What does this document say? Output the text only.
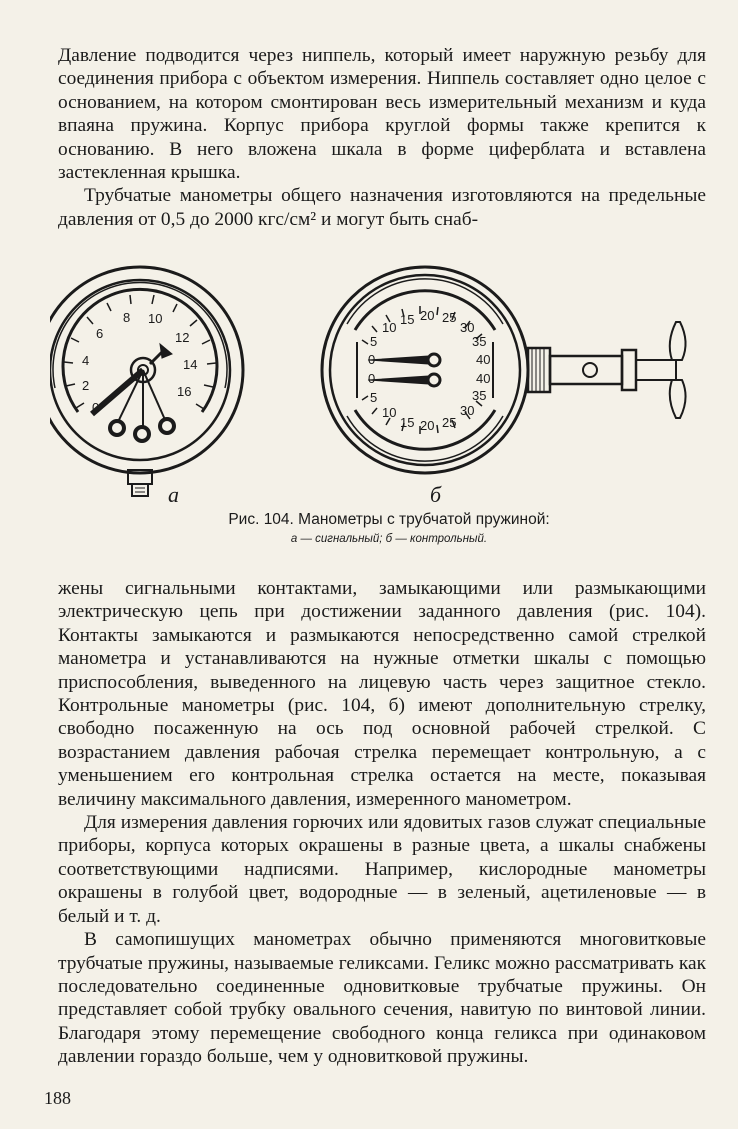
Давление подводится через ниппель, который имеет наружную резьбу для соединения прибора с объектом измерения. Ниппель составляет одно целое с основанием, на котором смонтирован весь измерительный механизм и куда впаяна пружина. Корпус прибора круглой формы также крепится к основанию. В него вложена шкала в форме циферблата и вставлена застекленная крышка.

Трубчатые манометры общего назначения изготовляются на предельные давления от 0,5 до 2000 кгс/см² и могут быть снаб-

0
2
4
6
8 10
12
14
16
5
10
15 20 25
30
35
40
0
0
5
10
15 20 25
30
35
40
а	б
Рис. 104. Манометры с трубчатой пружиной:
а — сигнальный; б — контрольный.

жены сигнальными контактами, замыкающими или размыкающими электрическую цепь при достижении заданного давления (рис. 104). Контакты замыкаются и размыкаются непосредственно самой стрелкой манометра и устанавливаются на нужные отметки шкалы с помощью приспособления, выведенного на лицевую часть через защитное стекло. Контрольные манометры (рис. 104, б) имеют дополнительную стрелку, свободно посаженную на ось под основной рабочей стрелкой. С возрастанием давления рабочая стрелка перемещает контрольную, а с уменьшением его контрольная стрелка остается на месте, показывая величину максимального давления, измеренного манометром.

Для измерения давления горючих или ядовитых газов служат специальные приборы, корпуса которых окрашены в разные цвета, а шкалы снабжены соответствующими надписями. Например, кислородные манометры окрашены в голубой цвет, водородные — в зеленый, ацетиленовые — в белый и т. д.

В самопишущих манометрах обычно применяются многовитковые трубчатые пружины, называемые геликсами. Геликс можно рассматривать как последовательно соединенные одновитковые трубчатые пружины. Он представляет собой трубку овального сечения, навитую по винтовой линии. Благодаря этому перемещение свободного конца геликса при одинаковом давлении гораздо больше, чем у одновитковой пружины.

188
